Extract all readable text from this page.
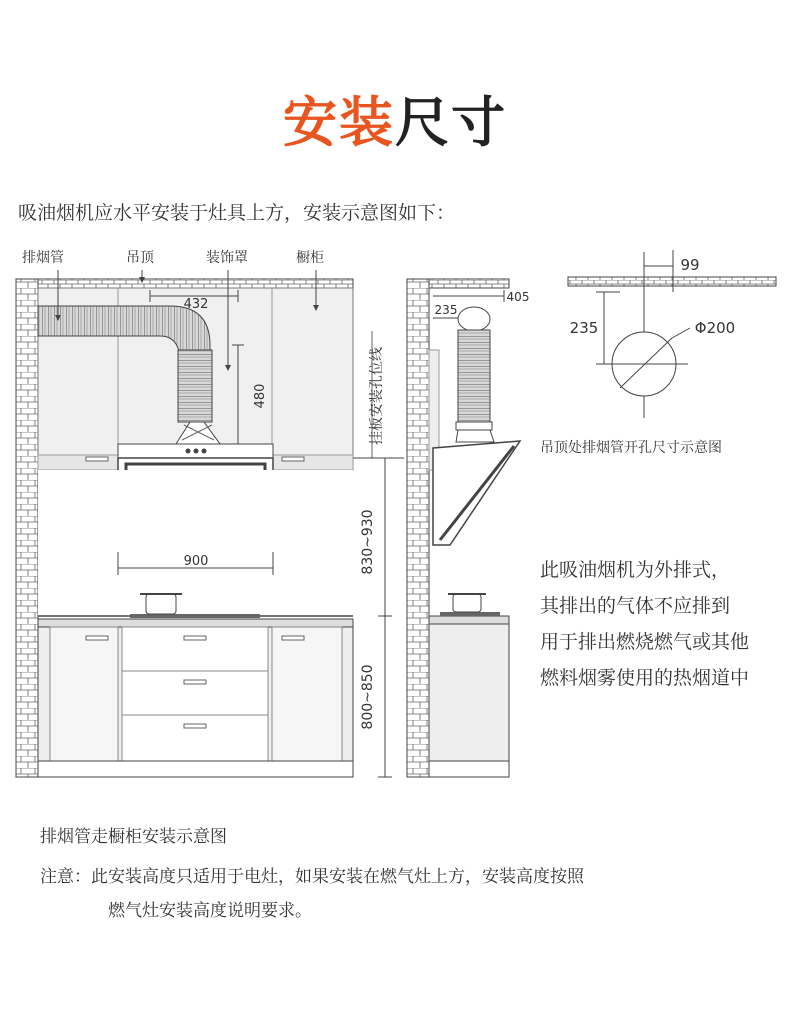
安装尺寸
吸油烟机应水平安装于灶具上方，安装示意图如下：
排烟管	吊顶	装饰罩	橱柜
432
480
900
挂板安装孔位线
830~930
800~850
405
235
99
235	Φ200
吊顶处排烟管开孔尺寸示意图
此吸油烟机为外排式，
其排出的气体不应排到
用于排出燃烧燃气或其他
燃料烟雾使用的热烟道中
排烟管走橱柜安装示意图
注意：此安装高度只适用于电灶，如果安装在燃气灶上方，安装高度按照
燃气灶安装高度说明要求。
